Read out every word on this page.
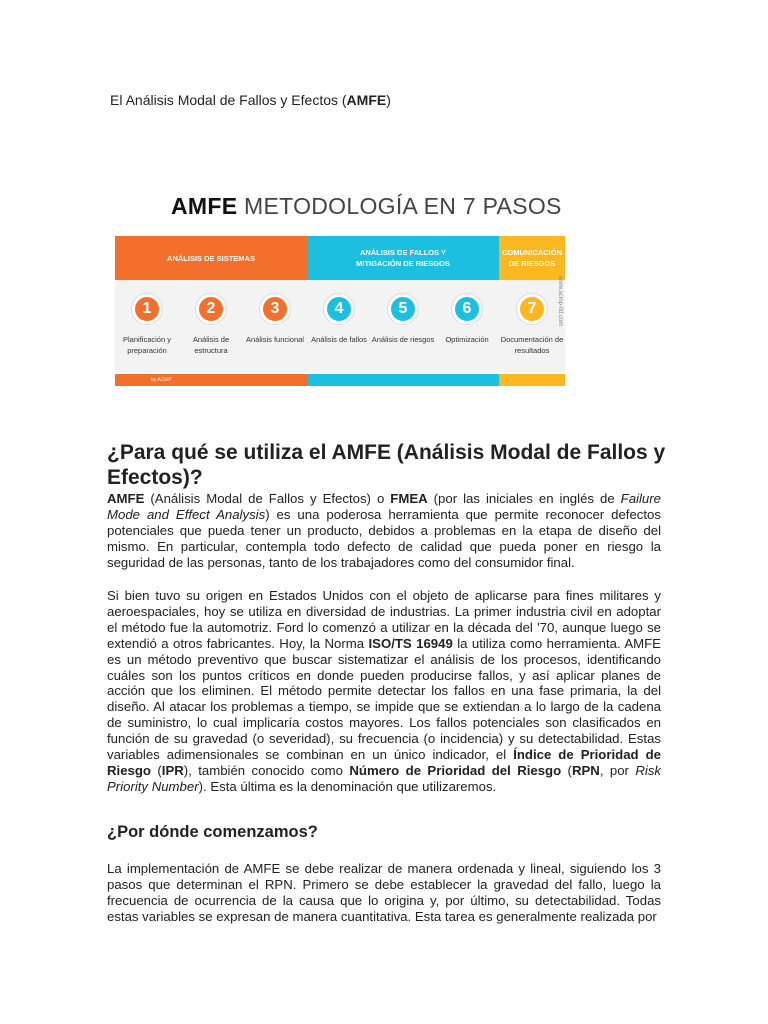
El Análisis Modal de Fallos y Efectos (AMFE)
AMFE METODOLOGÍA EN 7 PASOS
ANÁLISIS DE SISTEMAS
ANÁLISIS DE FALLOS Y MITIGACIÓN DE RIESGOS
COMUNICACIÓN DE RIESGOS
1
Planificación y preparación
2
Análisis de estructura
3
Análisis funcional
4
Análisis de fallos
5
Análisis de riesgos
6
Optimización
7
Documentación de resultados
by ACMP
www.acmp-ltd.com
¿Para qué se utiliza el AMFE (Análisis Modal de Fallos y Efectos)?

AMFE (Análisis Modal de Fallos y Efectos) o FMEA (por las iniciales en inglés de Failure Mode and Effect Analysis) es una poderosa herramienta que permite reconocer defectos potenciales que pueda tener un producto, debidos a problemas en la etapa de diseño del mismo. En particular, contempla todo defecto de calidad que pueda poner en riesgo la seguridad de las personas, tanto de los trabajadores como del consumidor final.

Si bien tuvo su origen en Estados Unidos con el objeto de aplicarse para fines militares y aeroespaciales, hoy se utiliza en diversidad de industrias. La primer industria civil en adoptar el método fue la automotriz. Ford lo comenzó a utilizar en la década del '70, aunque luego se extendió a otros fabricantes. Hoy, la Norma ISO/TS 16949 la utiliza como herramienta. AMFE es un método preventivo que buscar sistematizar el análisis de los procesos, identificando cuáles son los puntos críticos en donde pueden producirse fallos, y así aplicar planes de acción que los eliminen. El método permite detectar los fallos en una fase primaria, la del diseño. Al atacar los problemas a tiempo, se impide que se extiendan a lo largo de la cadena de suministro, lo cual implicaría costos mayores. Los fallos potenciales son clasificados en función de su gravedad (o severidad), su frecuencia (o incidencia) y su detectabilidad. Estas variables adimensionales se combinan en un único indicador, el Índice de Prioridad de Riesgo (IPR), también conocido como Número de Prioridad del Riesgo (RPN, por Risk Priority Number). Esta última es la denominación que utilizaremos.

¿Por dónde comenzamos?

La implementación de AMFE se debe realizar de manera ordenada y lineal, siguiendo los 3 pasos que determinan el RPN. Primero se debe establecer la gravedad del fallo, luego la frecuencia de ocurrencia de la causa que lo origina y, por último, su detectabilidad. Todas estas variables se expresan de manera cuantitativa. Esta tarea es generalmente realizada por
